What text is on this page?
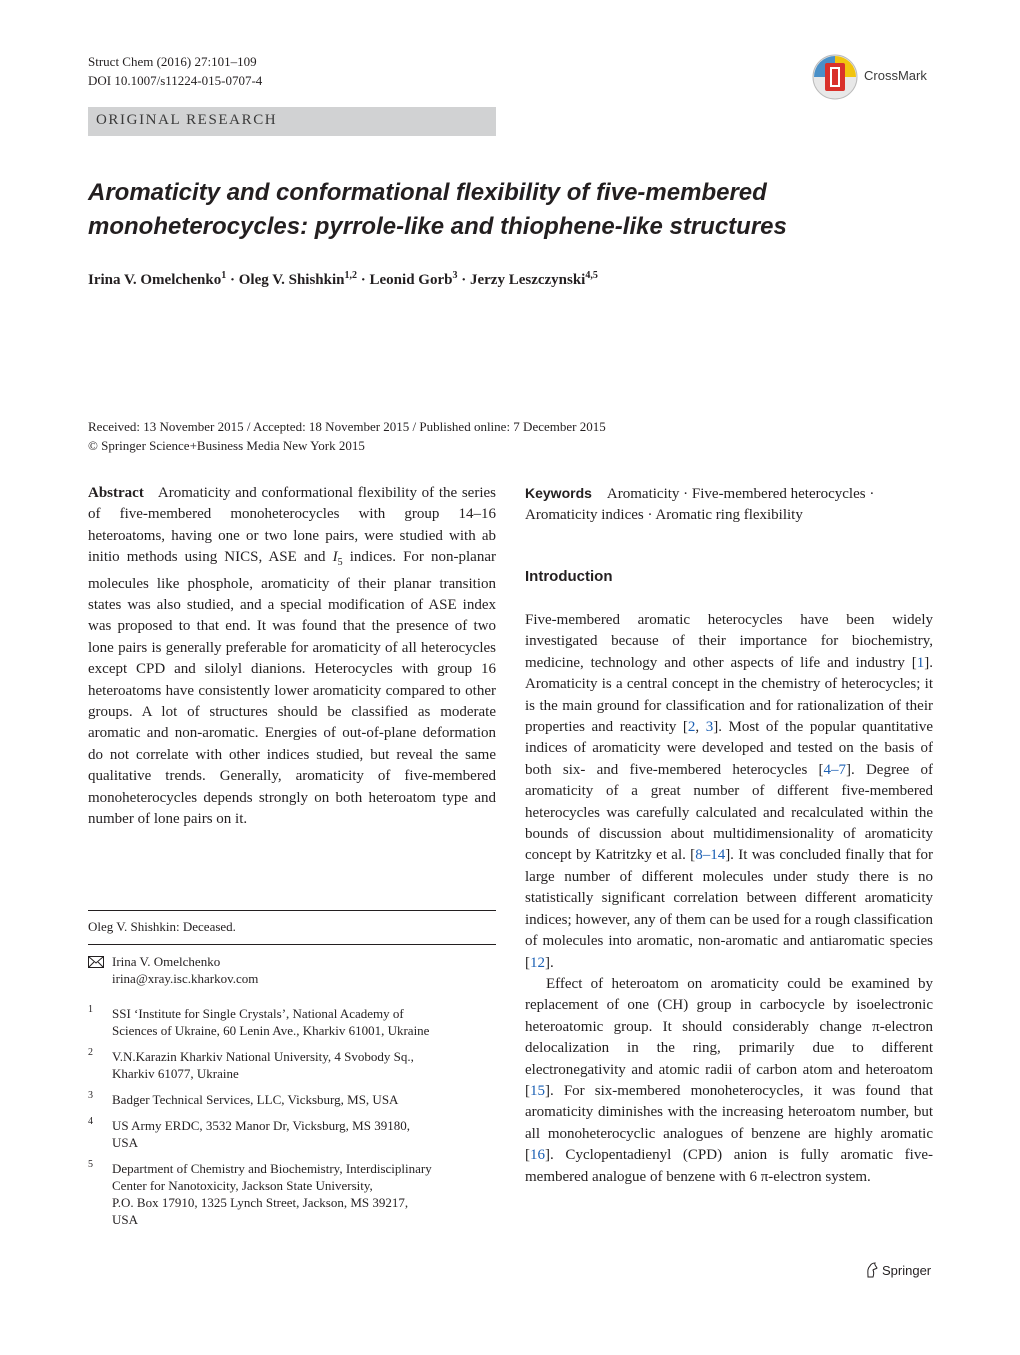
Struct Chem (2016) 27:101–109
DOI 10.1007/s11224-015-0707-4	CrossMark
ORIGINAL RESEARCH
Aromaticity and conformational flexibility of five-membered
monoheterocycles: pyrrole-like and thiophene-like structures
Irina V. Omelchenko$^1$ · Oleg V. Shishkin$^{1,2}$ · Leonid Gorb$^3$ · Jerzy Leszczynski$^{4,5}$
Received: 13 November 2015 / Accepted: 18 November 2015 / Published online: 7 December 2015
© Springer Science+Business Media New York 2015

Abstract Aromaticity and conformational flexibility of the series of five-membered monoheterocycles with group 14–16 heteroatoms, having one or two lone pairs, were studied with ab initio methods using NICS, ASE and $I_5$ indices. For non-planar molecules like phosphole, aromaticity of their planar transition states was also studied, and a special modification of ASE index was proposed to that end. It was found that the presence of two lone pairs is generally preferable for aromaticity of all heterocycles except CPD and silolyl dianions. Heterocycles with group 16 heteroatoms have consistently lower aromaticity compared to other groups. A lot of structures should be classified as moderate aromatic and non-aromatic. Energies of out-of-plane deformation do not correlate with other indices studied, but reveal the same qualitative trends. Generally, aromaticity of five-membered monoheterocycles depends strongly on both heteroatom type and number of lone pairs on it.

Keywords Aromaticity · Five-membered heterocycles ·
Aromaticity indices · Aromatic ring flexibility
Introduction

Five-membered aromatic heterocycles have been widely investigated because of their importance for biochemistry, medicine, technology and other aspects of life and industry [1]. Aromaticity is a central concept in the chemistry of heterocycles; it is the main ground for classification and for rationalization of their properties and reactivity [2, 3]. Most of the popular quantitative indices of aromaticity were developed and tested on the basis of both six- and five-membered heterocycles [4–7]. Degree of aromaticity of a great number of different five-membered heterocycles was carefully calculated and recalculated within the bounds of discussion about multidimensionality of aromaticity concept by Katritzky et al. [8–14]. It was concluded finally that for large number of different molecules under study there is no statistically significant correlation between different aromaticity indices; however, any of them can be used for a rough classification of molecules into aromatic, non-aromatic and antiaromatic species [12].

Effect of heteroatom on aromaticity could be examined by replacement of one (CH) group in carbocycle by isoelectronic heteroatomic group. It should considerably change π-electron delocalization in the ring, primarily due to different electronegativity and atomic radii of carbon atom and heteroatom [15]. For six-membered monoheterocycles, it was found that aromaticity diminishes with the increasing heteroatom number, but all monoheterocyclic analogues of benzene are highly aromatic [16]. Cyclopentadienyl (CPD) anion is fully aromatic five-membered analogue of benzene with 6 π-electron system.

Oleg V. Shishkin: Deceased.
Irina V. Omelchenko
irina@xray.isc.kharkov.com
1 SSI ‘Institute for Single Crystals’, National Academy of
Sciences of Ukraine, 60 Lenin Ave., Kharkiv 61001, Ukraine
2 V.N.Karazin Kharkiv National University, 4 Svobody Sq.,
Kharkiv 61077, Ukraine
3 Badger Technical Services, LLC, Vicksburg, MS, USA
4 US Army ERDC, 3532 Manor Dr, Vicksburg, MS 39180,
USA
5 Department of Chemistry and Biochemistry, Interdisciplinary
Center for Nanotoxicity, Jackson State University,
P.O. Box 17910, 1325 Lynch Street, Jackson, MS 39217,
USA
Springer
